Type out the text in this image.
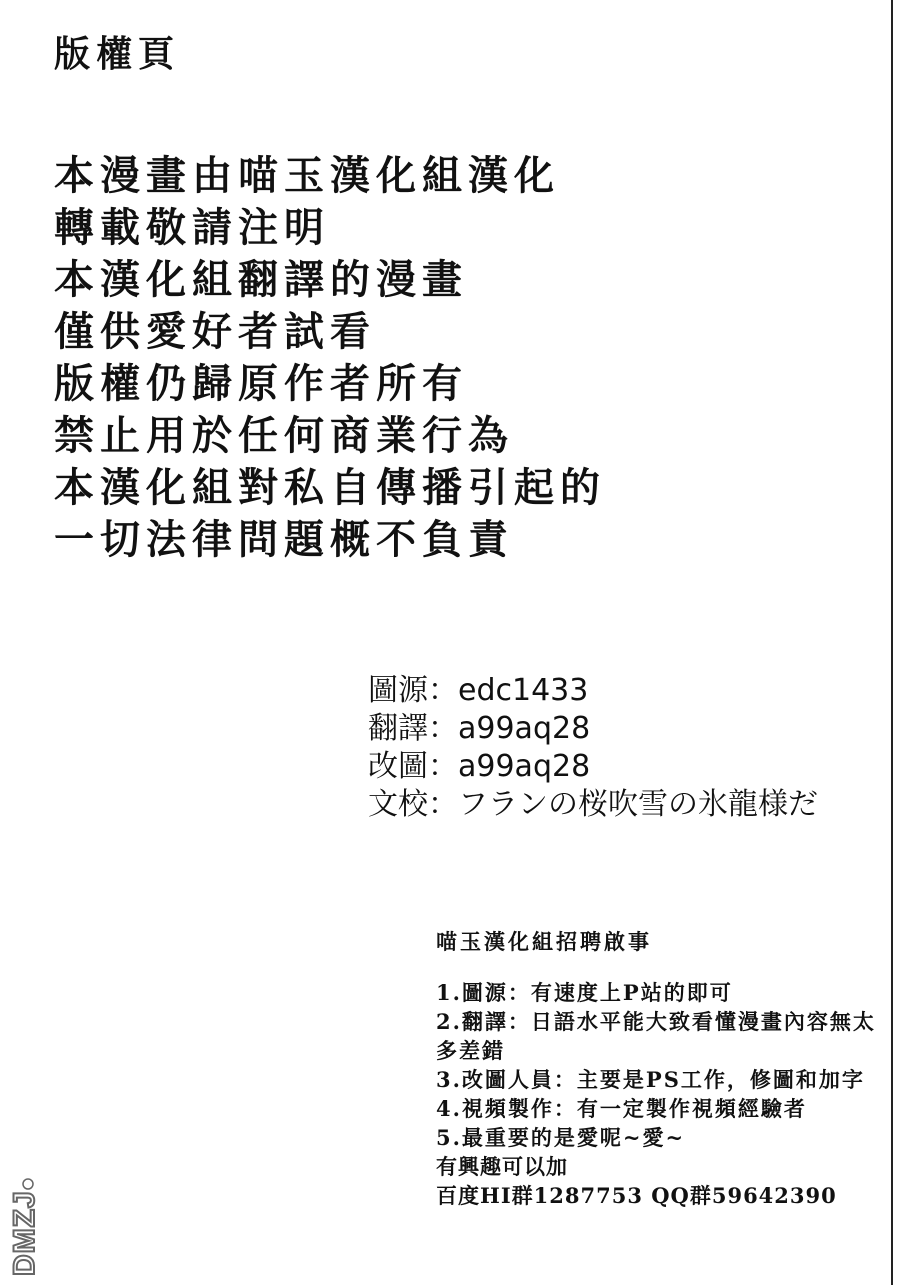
版權頁
本漫畫由喵玉漢化組漢化
轉載敬請注明
本漢化組翻譯的漫畫
僅供愛好者試看
版權仍歸原作者所有
禁止用於任何商業行為
本漢化組對私自傳播引起的
一切法律問題概不負責
圖源：edc1433
翻譯：a99aq28
改圖：a99aq28
文校：フランの桜吹雪の氷龍様だ
喵玉漢化組招聘啟事
1.圖源：有速度上P站的即可
2.翻譯：日語水平能大致看懂漫畫內容無太多差錯
3.改圖人員：主要是PS工作，修圖和加字
4.視頻製作：有一定製作視頻經驗者
5.最重要的是愛呢~愛~
有興趣可以加
百度HI群1287753 QQ群59642390
DMZJ
